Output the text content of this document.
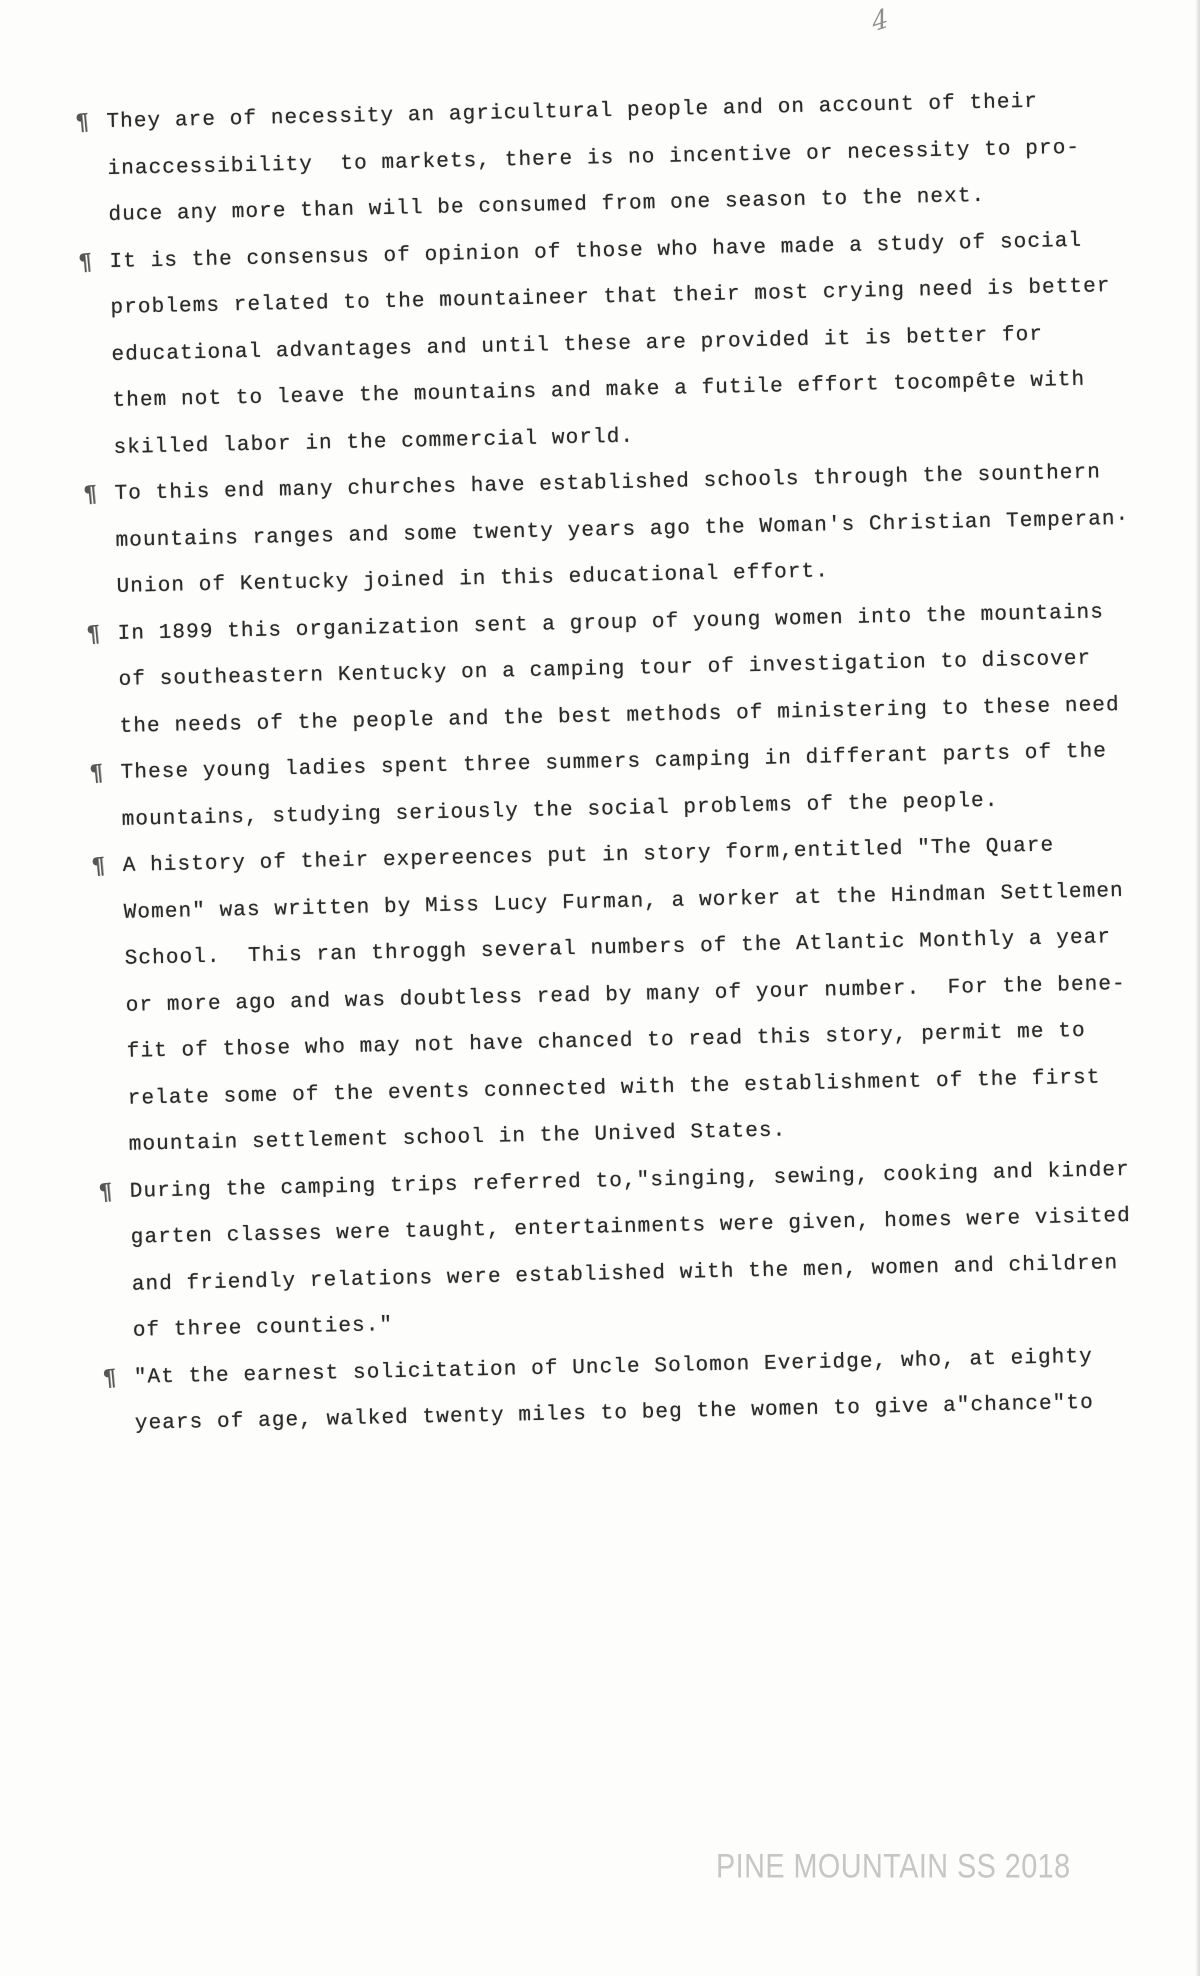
4
¶ They are of necessity an agricultural people and on account of their
inaccessibility  to markets, there is no incentive or necessity to pro-
duce any more than will be consumed from one season to the next.
¶ It is the consensus of opinion of those who have made a study of social
problems related to the mountaineer that their most crying need is better
educational advantages and until these are provided it is better for
them not to leave the mountains and make a futile effort tocompête with
skilled labor in the commercial world.
¶ To this end many churches have established schools through the sounthern
mountains ranges and some twenty years ago the Woman's Christian Temperan·
Union of Kentucky joined in this educational effort.
¶ In 1899 this organization sent a group of young women into the mountains
of southeastern Kentucky on a camping tour of investigation to discover
the needs of the people and the best methods of ministering to these need
¶ These young ladies spent three summers camping in differant parts of the
mountains, studying seriously the social problems of the people.
¶ A history of their expereences put in story form,entitled "The Quare
Women" was written by Miss Lucy Furman, a worker at the Hindman Settlemen
School.  This ran throggh several numbers of the Atlantic Monthly a year
or more ago and was doubtless read by many of your number.  For the bene-
fit of those who may not have chanced to read this story, permit me to
relate some of the events connected with the establishment of the first
mountain settlement school in the Unived States.
¶ During the camping trips referred to,"singing, sewing, cooking and kinder
garten classes were taught, entertainments were given, homes were visited
and friendly relations were established with the men, women and children
of three counties."
¶ "At the earnest solicitation of Uncle Solomon Everidge, who, at eighty
years of age, walked twenty miles to beg the women to give a"chance"to
PINE MOUNTAIN SS 2018
